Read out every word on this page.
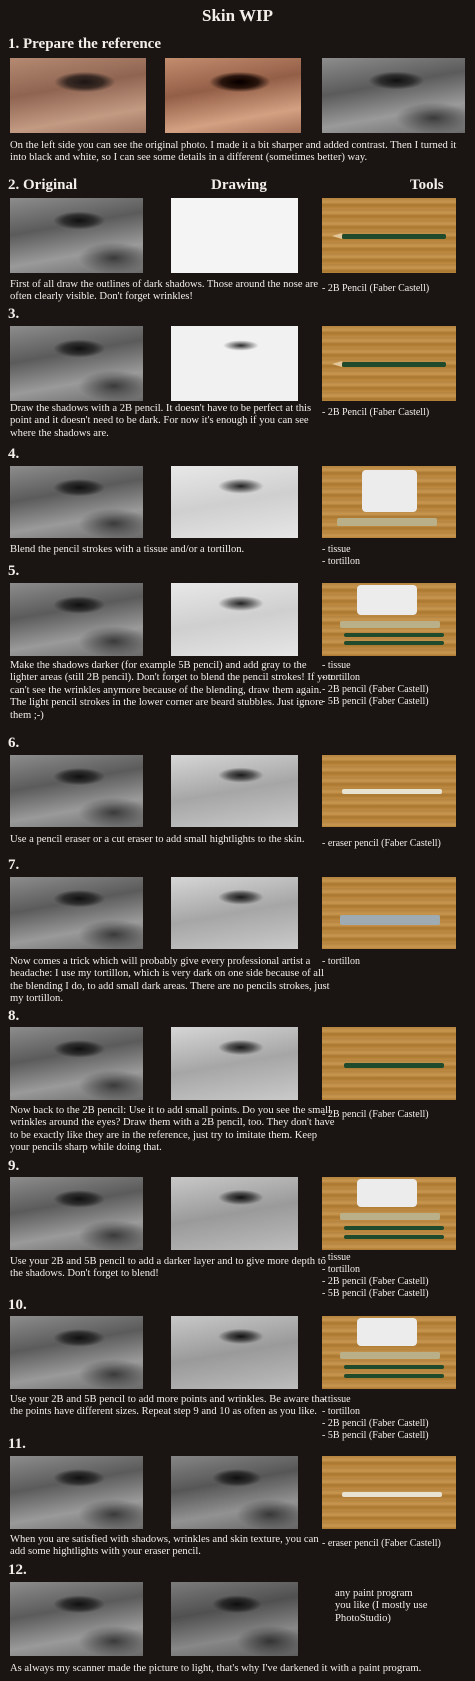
Skin WIP
1. Prepare the reference
On the left side you can see the original photo. I made it a bit sharper and added contrast. Then I turned it into black and white, so I can see some details in a different (sometimes better) way.
2. Original	Drawing	Tools
First of all draw the outlines of dark shadows. Those around the nose are often clearly visible. Don't forget wrinkles!
- 2B Pencil (Faber Castell)
3.
Draw the shadows with a 2B pencil. It doesn't have to be perfect at this point and it doesn't need to be dark. For now it's enough if you can see where the shadows are.
- 2B Pencil (Faber Castell)
4.
Blend the pencil strokes with a tissue and/or a tortillon.	- tissue
- tortillon
5.
Make the shadows darker (for example 5B pencil) and add gray to the lighter areas (still 2B pencil). Don't forget to blend the pencil strokes! If you can't see the wrinkles anymore because of the blending, draw them again. The light pencil strokes in the lower corner are beard stubbles. Just ignore them ;-)
- tissue
- tortillon
- 2B pencil (Faber Castell)
- 5B pencil (Faber Castell)
6.
Use a pencil eraser or a cut eraser to add small hightlights to the skin.	- eraser pencil (Faber Castell)
7.
Now comes a trick which will probably give every professional artist a headache: I use my tortillon, which is very dark on one side because of all the blending I do, to add small dark areas. There are no pencils strokes, just my tortillon.
- tortillon
8.
Now back to the 2B pencil: Use it to add small points. Do you see the small wrinkles around the eyes? Draw them with a 2B pencil, too. They don't have to be exactly like they are in the reference, just try to imitate them. Keep your pencils sharp while doing that.
- 2B pencil (Faber Castell)
9.
Use your 2B and 5B pencil to add a darker layer and to give more depth to the shadows. Don't forget to blend!
- tissue
- tortillon
- 2B pencil (Faber Castell)
- 5B pencil (Faber Castell)
10.
Use your 2B and 5B pencil to add more points and wrinkles. Be aware that the points have different sizes. Repeat step 9 and 10 as often as you like.
- tissue
- tortillon
- 2B pencil (Faber Castell)
- 5B pencil (Faber Castell)
11.
When you are satisfied with shadows, wrinkles and skin texture, you can add some hightlights with your eraser pencil.
- eraser pencil (Faber Castell)
12.
any paint program
you like (I mostly use
PhotoStudio)
As always my scanner made the picture to light, that's why I've darkened it with a paint program.
